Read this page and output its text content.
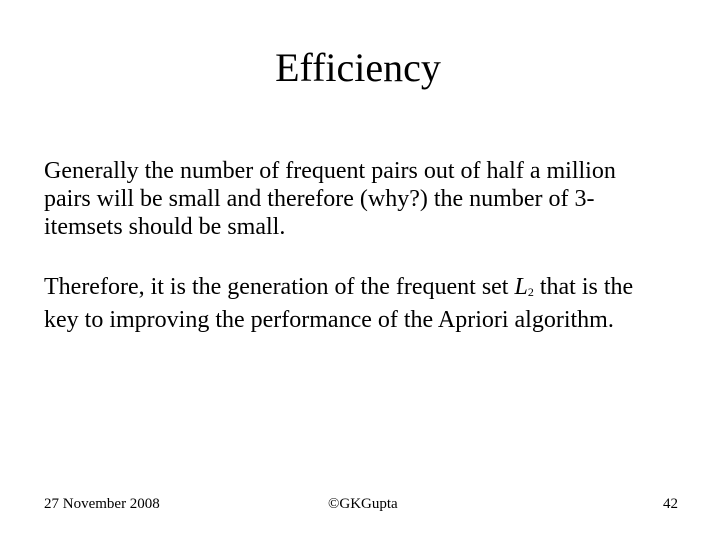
Efficiency
Generally the number of frequent pairs out of half a million
pairs will be small and therefore (why?) the number of 3-
itemsets should be small.
Therefore, it is the generation of the frequent set L2 that is the
key to improving the performance of the Apriori algorithm.
27 November 2008	©GKGupta	42
